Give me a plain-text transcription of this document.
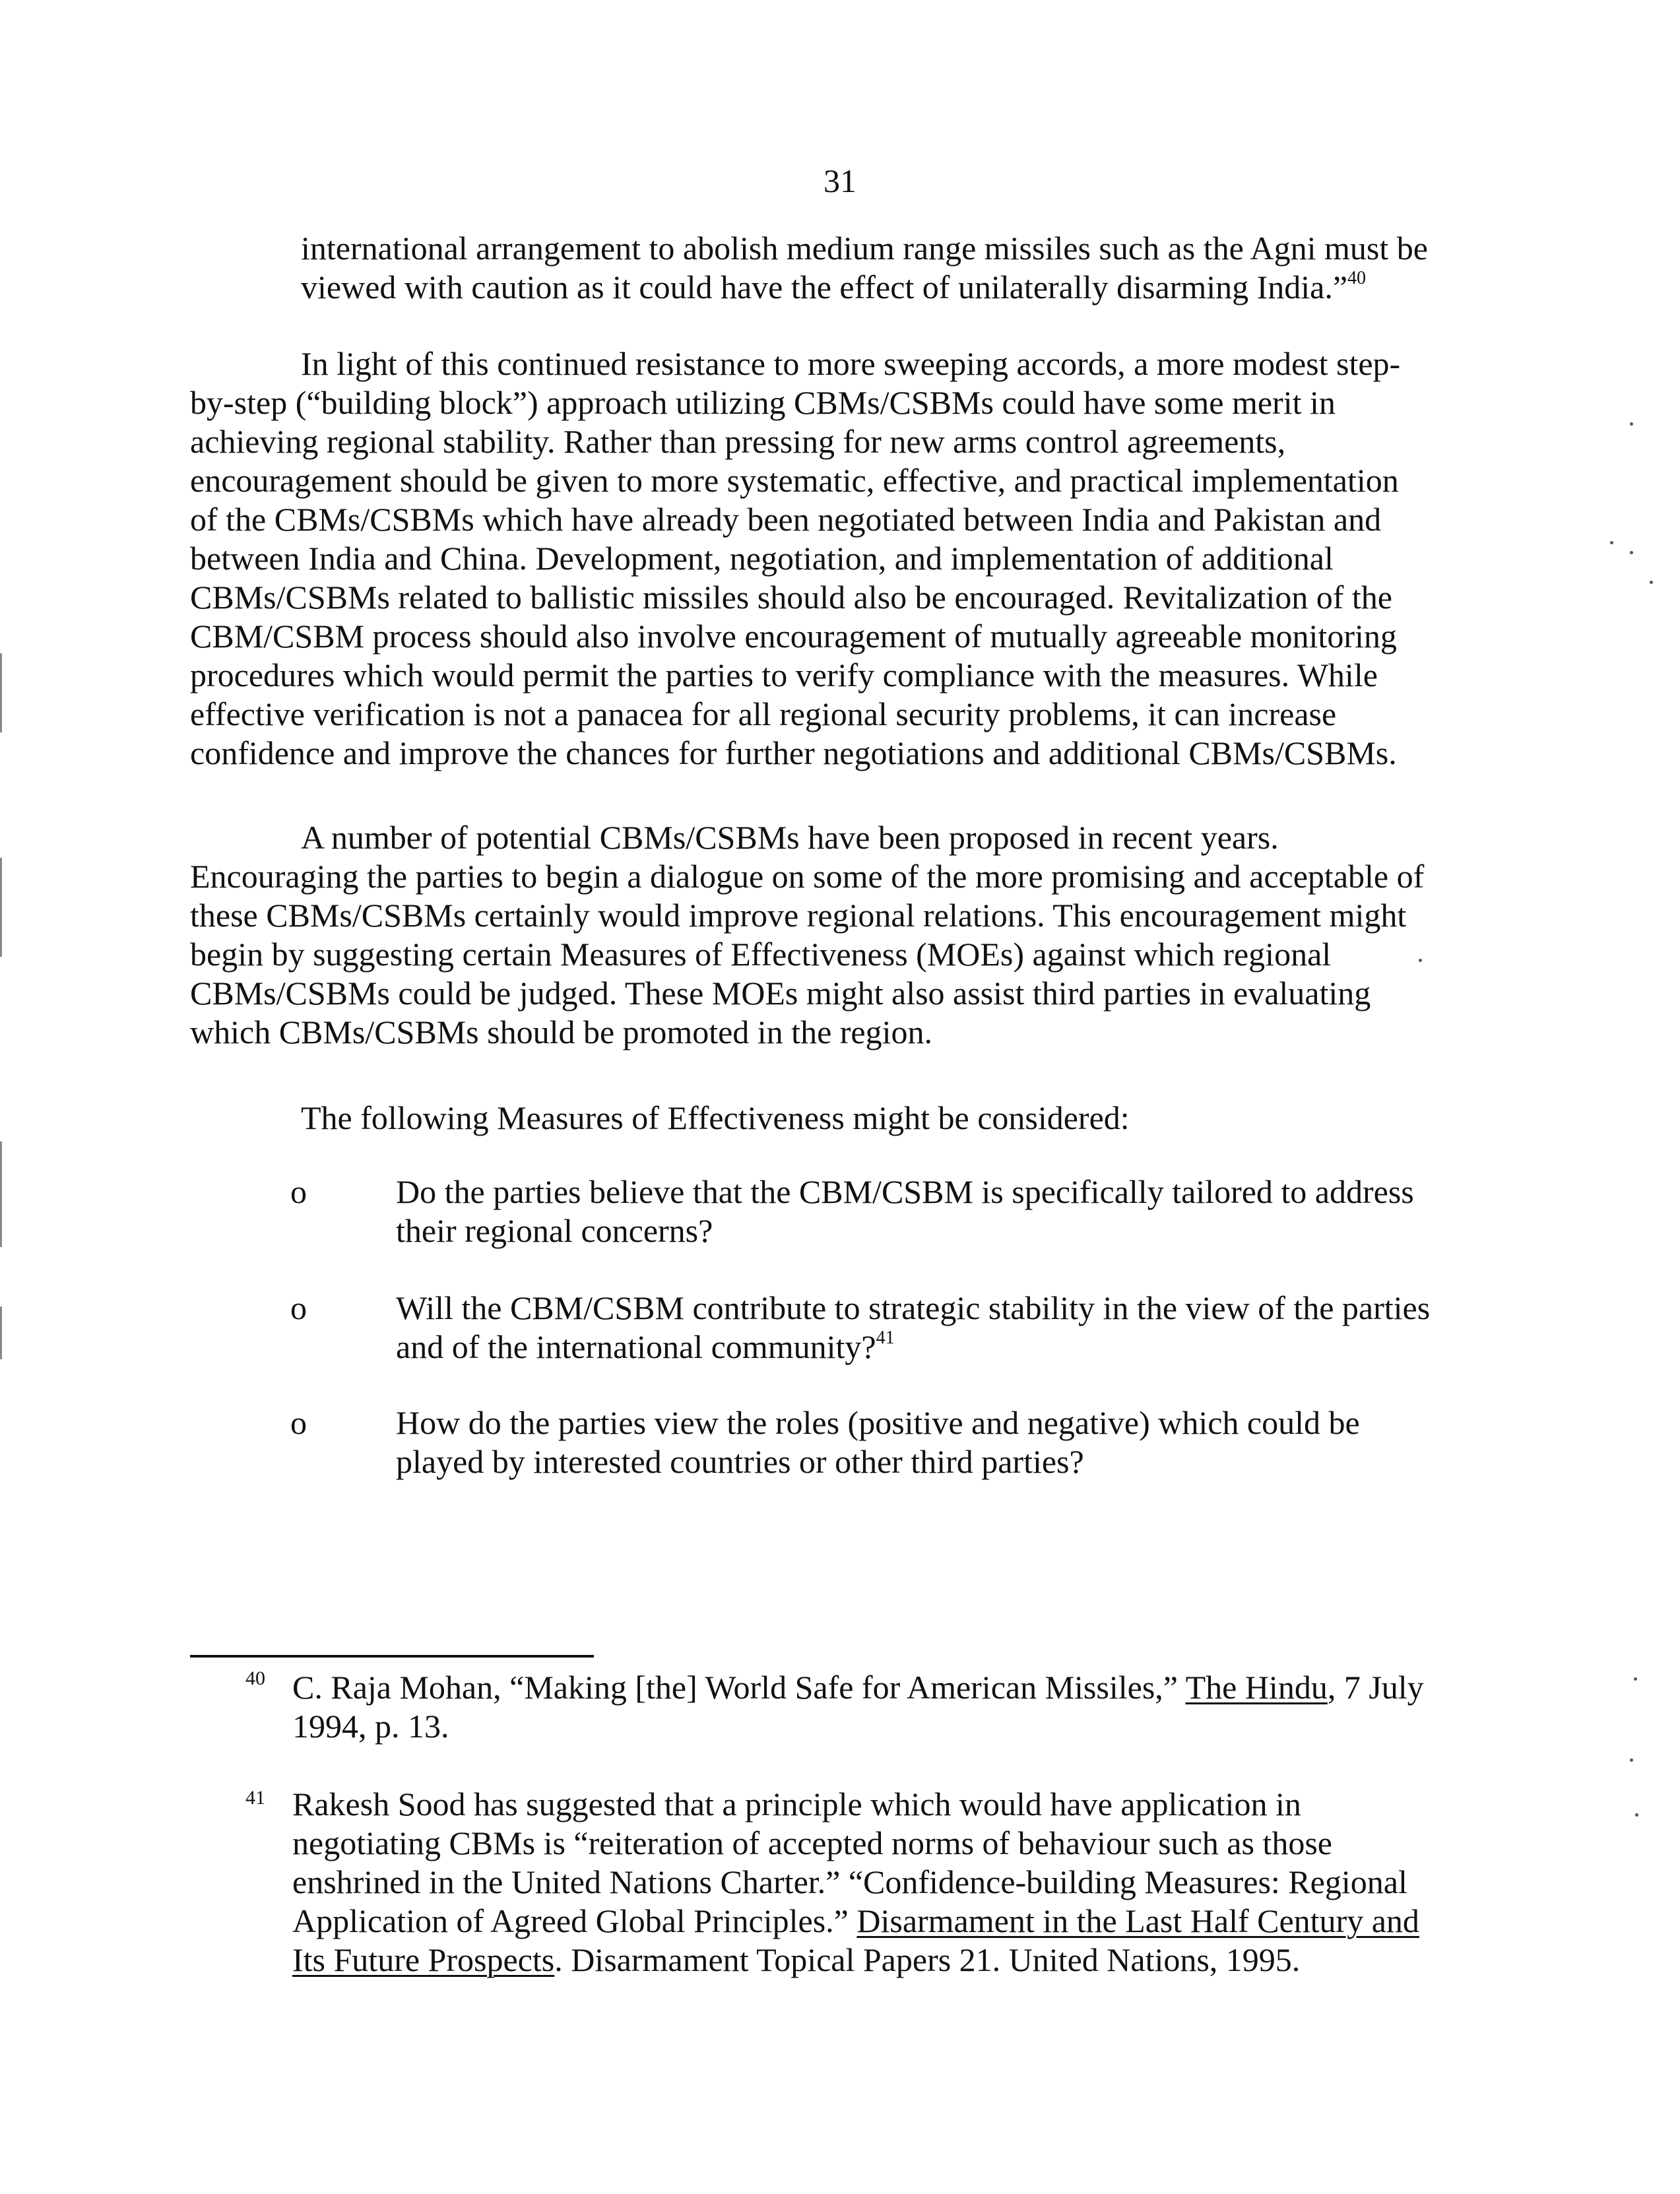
31
international arrangement to abolish medium range missiles such as the Agni must be
viewed with caution as it could have the effect of unilaterally disarming India.”$^{40}$
In light of this continued resistance to more sweeping accords, a more modest step-
by-step (“building block”) approach utilizing CBMs/CSBMs could have some merit in
achieving regional stability. Rather than pressing for new arms control agreements,
encouragement should be given to more systematic, effective, and practical implementation
of the CBMs/CSBMs which have already been negotiated between India and Pakistan and
between India and China. Development, negotiation, and implementation of additional
CBMs/CSBMs related to ballistic missiles should also be encouraged. Revitalization of the
CBM/CSBM process should also involve encouragement of mutually agreeable monitoring
procedures which would permit the parties to verify compliance with the measures. While
effective verification is not a panacea for all regional security problems, it can increase
confidence and improve the chances for further negotiations and additional CBMs/CSBMs.
A number of potential CBMs/CSBMs have been proposed in recent years.
Encouraging the parties to begin a dialogue on some of the more promising and acceptable of
these CBMs/CSBMs certainly would improve regional relations. This encouragement might
begin by suggesting certain Measures of Effectiveness (MOEs) against which regional
CBMs/CSBMs could be judged. These MOEs might also assist third parties in evaluating
which CBMs/CSBMs should be promoted in the region.
The following Measures of Effectiveness might be considered:
o	Do the parties believe that the CBM/CSBM is specifically tailored to address
their regional concerns?
o	Will the CBM/CSBM contribute to strategic stability in the view of the parties
and of the international community?$^{41}$
o	How do the parties view the roles (positive and negative) which could be
played by interested countries or other third parties?
40 C. Raja Mohan, “Making [the] World Safe for American Missiles,” The Hindu, 7 July
1994, p. 13.
41 Rakesh Sood has suggested that a principle which would have application in
negotiating CBMs is “reiteration of accepted norms of behaviour such as those
enshrined in the United Nations Charter.” “Confidence-building Measures: Regional
Application of Agreed Global Principles.” Disarmament in the Last Half Century and
Its Future Prospects. Disarmament Topical Papers 21. United Nations, 1995.
